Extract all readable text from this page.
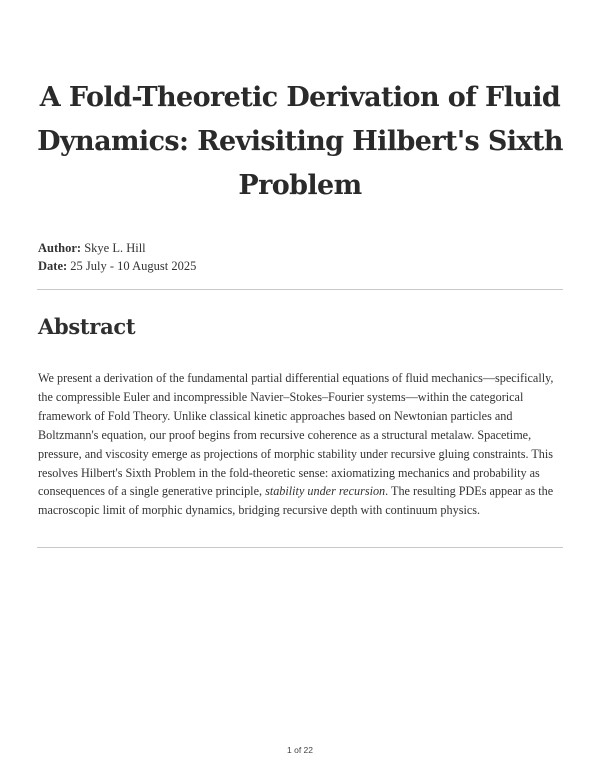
A Fold-Theoretic Derivation of Fluid Dynamics: Revisiting Hilbert's Sixth Problem
Author: Skye L. Hill
Date: 25 July - 10 August 2025
Abstract

We present a derivation of the fundamental partial differential equations of fluid mechanics—specifically, the compressible Euler and incompressible Navier–Stokes–Fourier systems—within the categorical framework of Fold Theory. Unlike classical kinetic approaches based on Newtonian particles and Boltzmann's equation, our proof begins from recursive coherence as a structural metalaw. Spacetime, pressure, and viscosity emerge as projections of morphic stability under recursive gluing constraints. This resolves Hilbert's Sixth Problem in the fold-theoretic sense: axiomatizing mechanics and probability as consequences of a single generative principle, stability under recursion. The resulting PDEs appear as the macroscopic limit of morphic dynamics, bridging recursive depth with continuum physics.

1 of 22
